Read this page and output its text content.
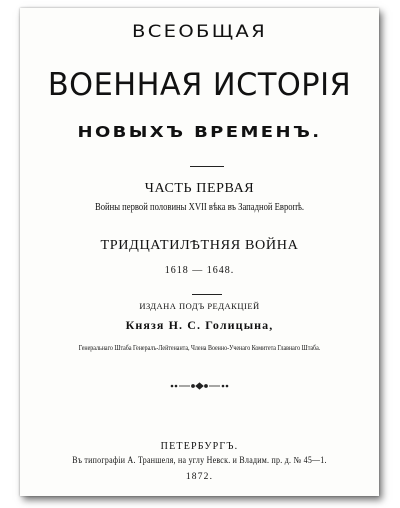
ВСЕОБЩАЯ
ВОЕННАЯ ИСТОРІЯ
НОВЫХЪ ВРЕМЕНЪ.
ЧАСТЬ ПЕРВАЯ
Войны первой половины XVII вѣка въ Западной Европѣ.
ТРИДЦАТИЛѢТНЯЯ ВОЙНА
1618 — 1648.
ИЗДАНА ПОДЪ РЕДАКЦІЕЙ
Князя Н. С. Голицына,
Генеральнаго Штаба Генералъ-Лейтенанта, Члена Военно-Ученаго Комитета Главнаго Штаба.
ПЕТЕРБУРГЪ.
Въ типографіи А. Траншеля, на углу Невск. и Владим. пр. д. № 45—1.
1872.
